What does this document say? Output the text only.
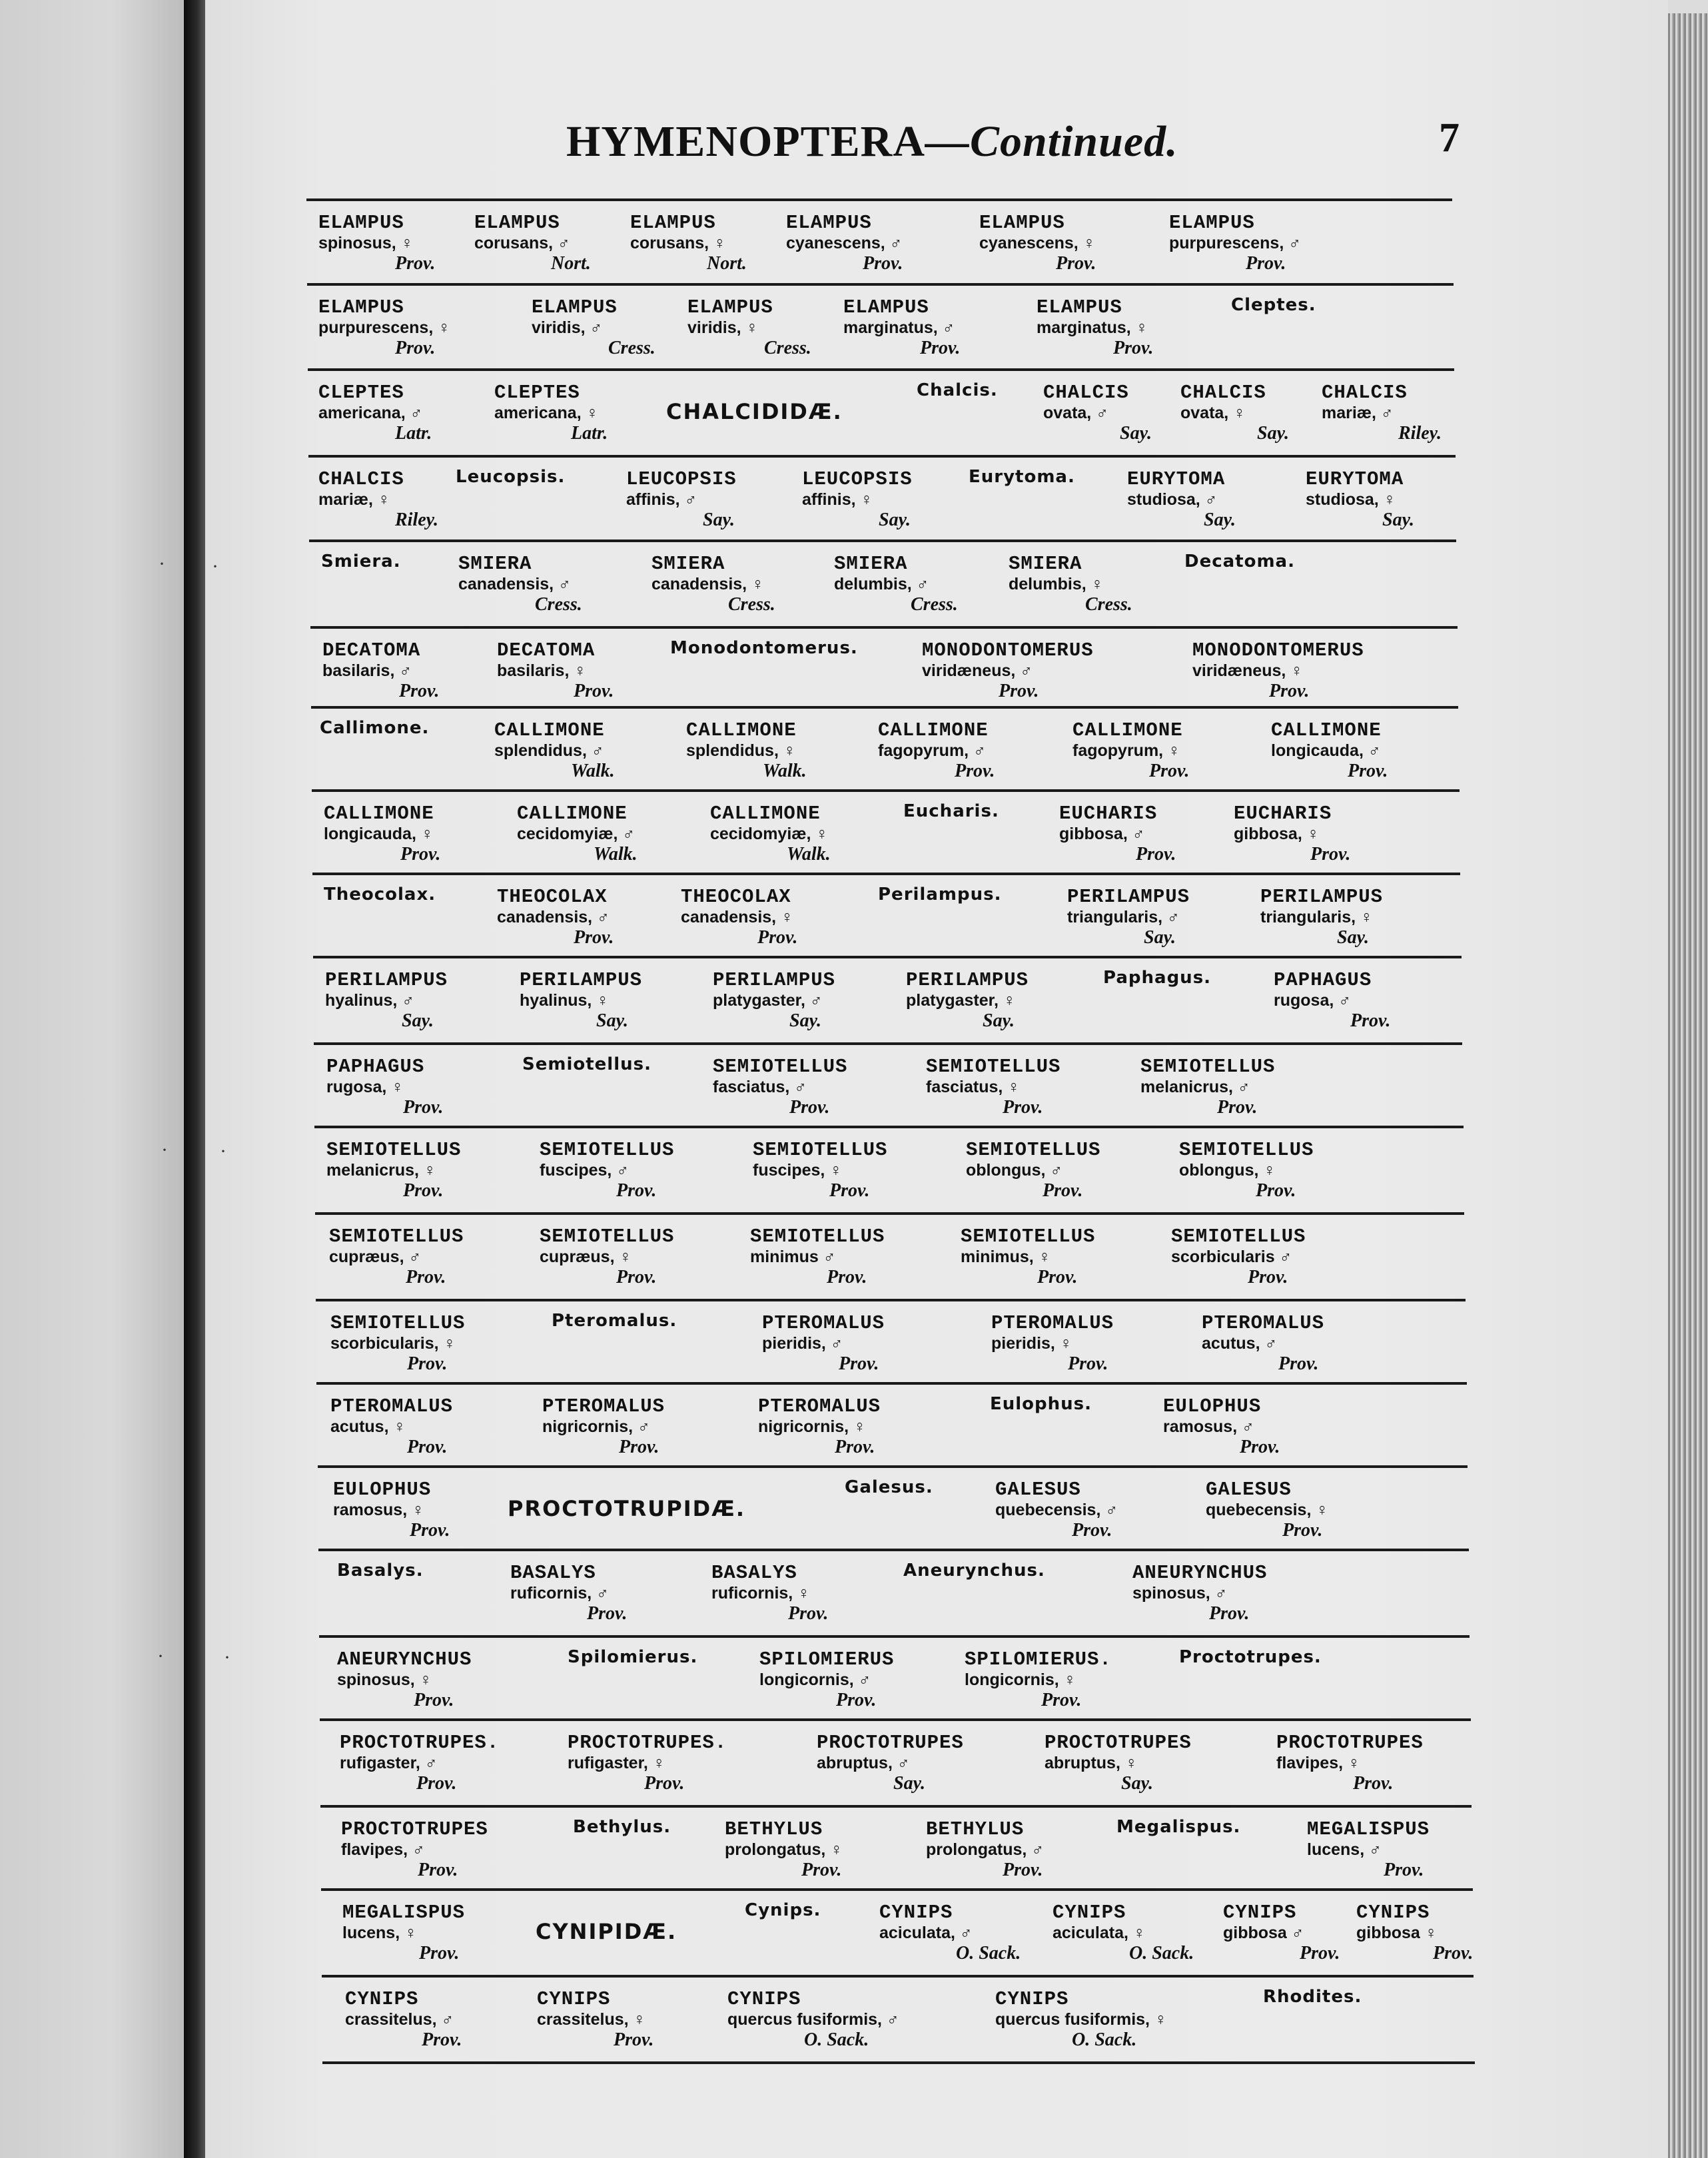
· ·
·	·
·	·
HYMENOPTERA—Continued.	7
ELAMPUS
spinosus, ♀
Prov.
ELAMPUS
corusans, ♂
Nort.
ELAMPUS
corusans, ♀
Nort.
ELAMPUS
cyanescens, ♂
Prov.
ELAMPUS
cyanescens, ♀
Prov.
ELAMPUS
purpurescens, ♂
Prov.
ELAMPUS
purpurescens, ♀
Prov.
ELAMPUS
viridis, ♂
Cress.
ELAMPUS
viridis, ♀
Cress.
ELAMPUS
marginatus, ♂
Prov.
ELAMPUS
marginatus, ♀
Prov.
Cleptes.
CLEPTES
americana, ♂
Latr.
CLEPTES
americana, ♀
Latr.
CHALCIDIDÆ.
Chalcis. CHALCIS
ovata, ♂
Say.
CHALCIS
ovata, ♀
Say.
CHALCIS
mariæ, ♂
Riley.
CHALCIS
mariæ, ♀
Riley.
Leucopsis.	LEUCOPSIS
affinis, ♂
Say.
LEUCOPSIS
affinis, ♀
Say.
Eurytoma.	EURYTOMA
studiosa, ♂
Say.
EURYTOMA
studiosa, ♀
Say.
Smiera.	SMIERA
canadensis, ♂
Cress.
SMIERA
canadensis, ♀
Cress.
SMIERA
delumbis, ♂
Cress.
SMIERA
delumbis, ♀
Cress.
Decatoma.
DECATOMA
basilaris, ♂
Prov.
DECATOMA
basilaris, ♀
Prov.
Monodontomerus.	MONODONTOMERUS
viridæneus, ♂
Prov.
MONODONTOMERUS
viridæneus, ♀
Prov.
Callimone.	CALLIMONE
splendidus, ♂
Walk.
CALLIMONE
splendidus, ♀
Walk.
CALLIMONE
fagopyrum, ♂
Prov.
CALLIMONE
fagopyrum, ♀
Prov.
CALLIMONE
longicauda, ♂
Prov.
CALLIMONE
longicauda, ♀
Prov.
CALLIMONE
cecidomyiæ, ♂
Walk.
CALLIMONE
cecidomyiæ, ♀
Walk.
Eucharis.	EUCHARIS
gibbosa, ♂
Prov.
EUCHARIS
gibbosa, ♀
Prov.
Theocolax.	THEOCOLAX
canadensis, ♂
Prov.
THEOCOLAX
canadensis, ♀
Prov.
Perilampus.	PERILAMPUS
triangularis, ♂
Say.
PERILAMPUS
triangularis, ♀
Say.
PERILAMPUS
hyalinus, ♂
Say.
PERILAMPUS
hyalinus, ♀
Say.
PERILAMPUS
platygaster, ♂
Say.
PERILAMPUS
platygaster, ♀
Say.
Paphagus.	PAPHAGUS
rugosa, ♂
Prov.
PAPHAGUS
rugosa, ♀
Prov.
Semiotellus.	SEMIOTELLUS
fasciatus, ♂
Prov.
SEMIOTELLUS
fasciatus, ♀
Prov.
SEMIOTELLUS
melanicrus, ♂
Prov.
SEMIOTELLUS
melanicrus, ♀
Prov.
SEMIOTELLUS
fuscipes, ♂
Prov.
SEMIOTELLUS
fuscipes, ♀
Prov.
SEMIOTELLUS
oblongus, ♂
Prov.
SEMIOTELLUS
oblongus, ♀
Prov.
SEMIOTELLUS
cupræus, ♂
Prov.
SEMIOTELLUS
cupræus, ♀
Prov.
SEMIOTELLUS
minimus ♂
Prov.
SEMIOTELLUS
minimus, ♀
Prov.
SEMIOTELLUS
scorbicularis ♂
Prov.
SEMIOTELLUS
scorbicularis, ♀
Prov.
Pteromalus.	PTEROMALUS
pieridis, ♂
Prov.
PTEROMALUS
pieridis, ♀
Prov.
PTEROMALUS
acutus, ♂
Prov.
PTEROMALUS
acutus, ♀
Prov.
PTEROMALUS
nigricornis, ♂
Prov.
PTEROMALUS
nigricornis, ♀
Prov.
Eulophus.	EULOPHUS
ramosus, ♂
Prov.
EULOPHUS
ramosus, ♀
Prov.
PROCTOTRUPIDÆ.
Galesus.	GALESUS
quebecensis, ♂
Prov.
GALESUS
quebecensis, ♀
Prov.
Basalys.	BASALYS
ruficornis, ♂
Prov.
BASALYS
ruficornis, ♀
Prov.
Aneurynchus.	ANEURYNCHUS
spinosus, ♂
Prov.
ANEURYNCHUS
spinosus, ♀
Prov.
Spilomierus.	SPILOMIERUS
longicornis, ♂
Prov.
SPILOMIERUS.
longicornis, ♀
Prov.
Proctotrupes.
PROCTOTRUPES.
rufigaster, ♂
Prov.
PROCTOTRUPES.
rufigaster, ♀
Prov.
PROCTOTRUPES
abruptus, ♂
Say.
PROCTOTRUPES
abruptus, ♀
Say.
PROCTOTRUPES
flavipes, ♀
Prov.
PROCTOTRUPES
flavipes, ♂
Prov.
Bethylus.	BETHYLUS
prolongatus, ♀
Prov.
BETHYLUS
prolongatus, ♂
Prov.
Megalispus.	MEGALISPUS
lucens, ♂
Prov.
MEGALISPUS
lucens, ♀
Prov.
CYNIPIDÆ.
Cynips.	CYNIPS
aciculata, ♂
O. Sack.
CYNIPS
aciculata, ♀
O. Sack.
CYNIPS
gibbosa ♂
Prov.
CYNIPS
gibbosa ♀
Prov.
CYNIPS
crassitelus, ♂
Prov.
CYNIPS
crassitelus, ♀
Prov.
CYNIPS
quercus fusiformis, ♂
O. Sack.
CYNIPS
quercus fusiformis, ♀
O. Sack.
Rhodites.
